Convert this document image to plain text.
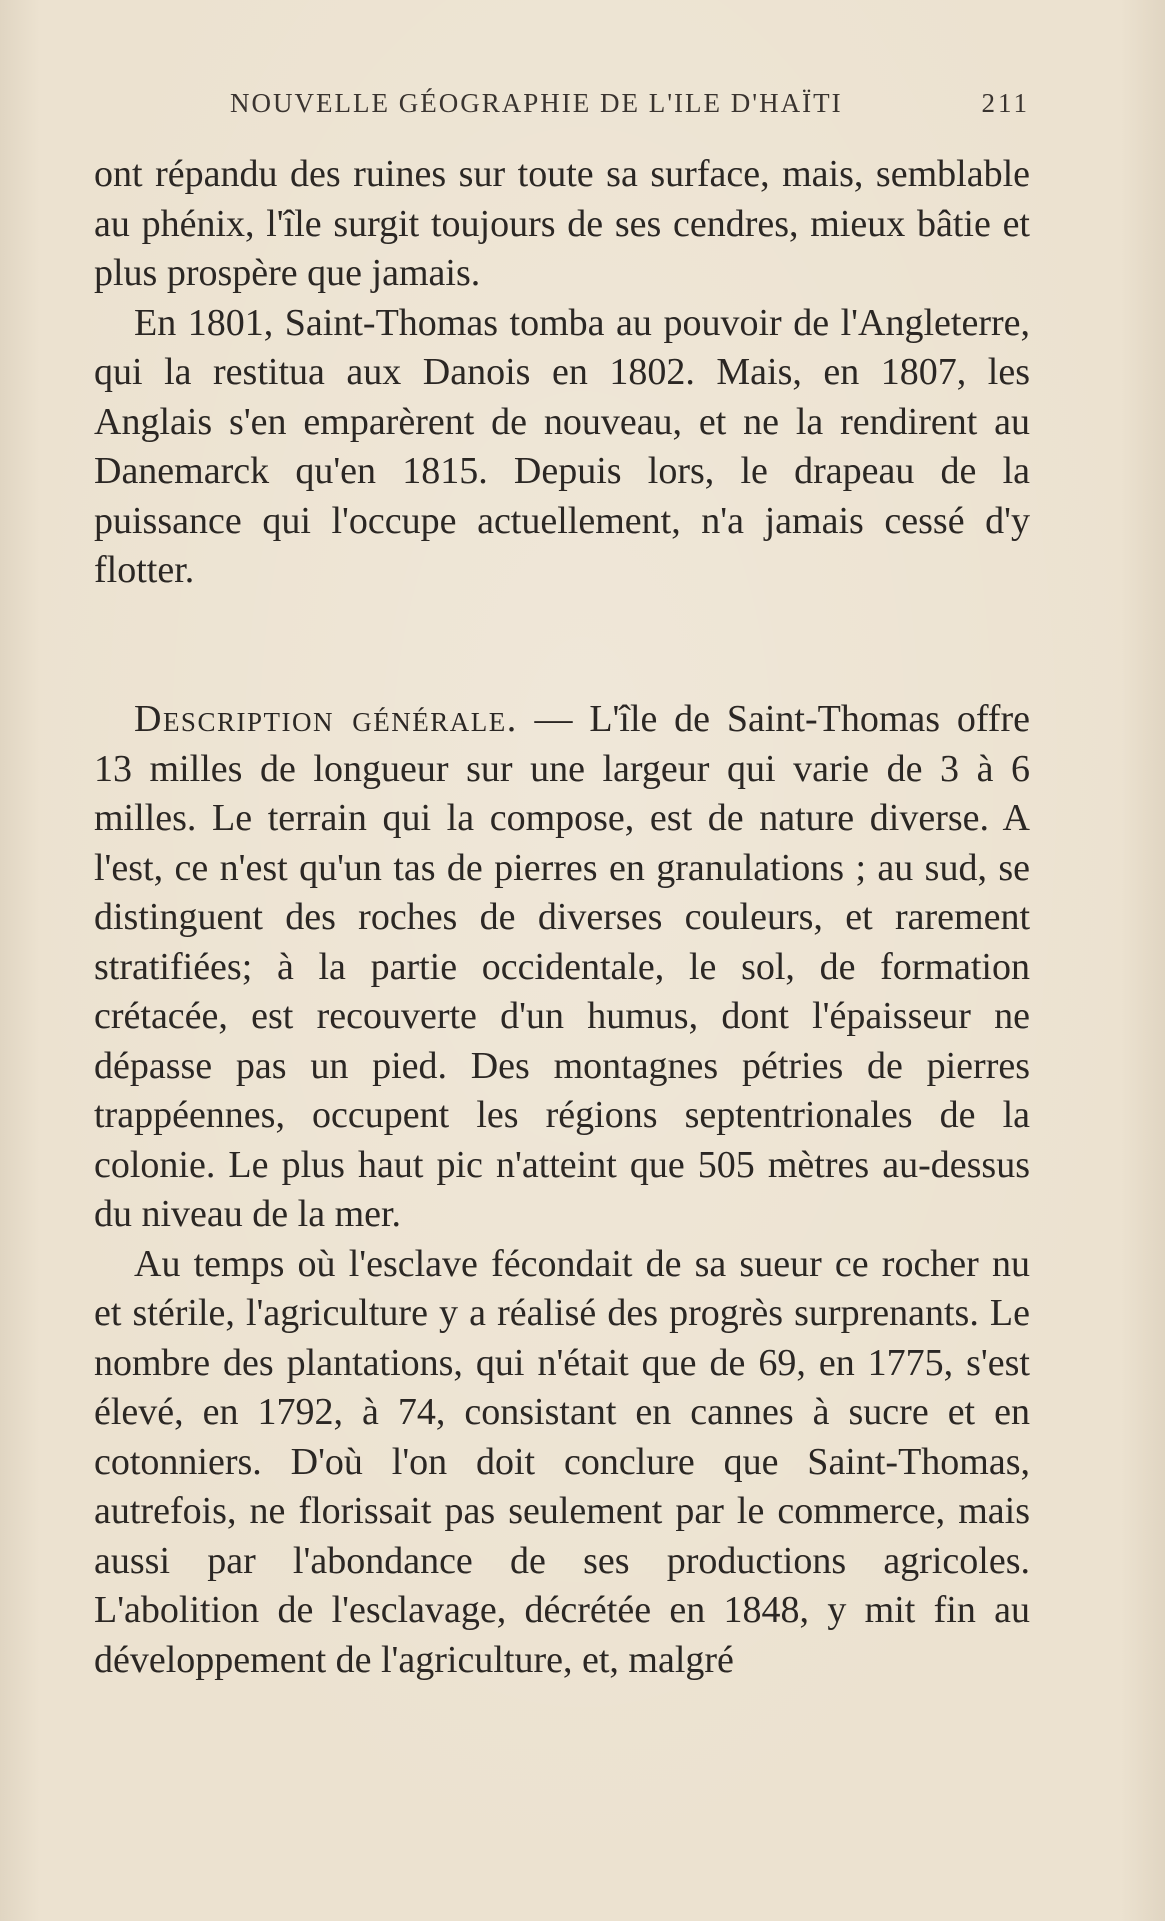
NOUVELLE GÉOGRAPHIE DE L'ILE D'HAÏTI	211

ont répandu des ruines sur toute sa surface, mais, semblable au phénix, l'île surgit toujours de ses cendres, mieux bâtie et plus prospère que jamais.

En 1801, Saint-Thomas tomba au pouvoir de l'Angleterre, qui la restitua aux Danois en 1802. Mais, en 1807, les Anglais s'en emparèrent de nouveau, et ne la rendirent au Danemarck qu'en 1815. Depuis lors, le drapeau de la puissance qui l'occupe actuellement, n'a jamais cessé d'y flotter.

Description générale. — L'île de Saint-Thomas offre 13 milles de longueur sur une largeur qui varie de 3 à 6 milles. Le terrain qui la compose, est de nature diverse. A l'est, ce n'est qu'un tas de pierres en granulations ; au sud, se distinguent des roches de diverses couleurs, et rarement stratifiées; à la partie occidentale, le sol, de formation crétacée, est recouverte d'un humus, dont l'épaisseur ne dépasse pas un pied. Des montagnes pétries de pierres trappéennes, occupent les régions septentrionales de la colonie. Le plus haut pic n'atteint que 505 mètres au-dessus du niveau de la mer.

Au temps où l'esclave fécondait de sa sueur ce rocher nu et stérile, l'agriculture y a réalisé des progrès surprenants. Le nombre des plantations, qui n'était que de 69, en 1775, s'est élevé, en 1792, à 74, consistant en cannes à sucre et en cotonniers. D'où l'on doit conclure que Saint-Thomas, autrefois, ne florissait pas seulement par le commerce, mais aussi par l'abondance de ses productions agricoles. L'abolition de l'esclavage, décrétée en 1848, y mit fin au développement de l'agriculture, et, malgré
